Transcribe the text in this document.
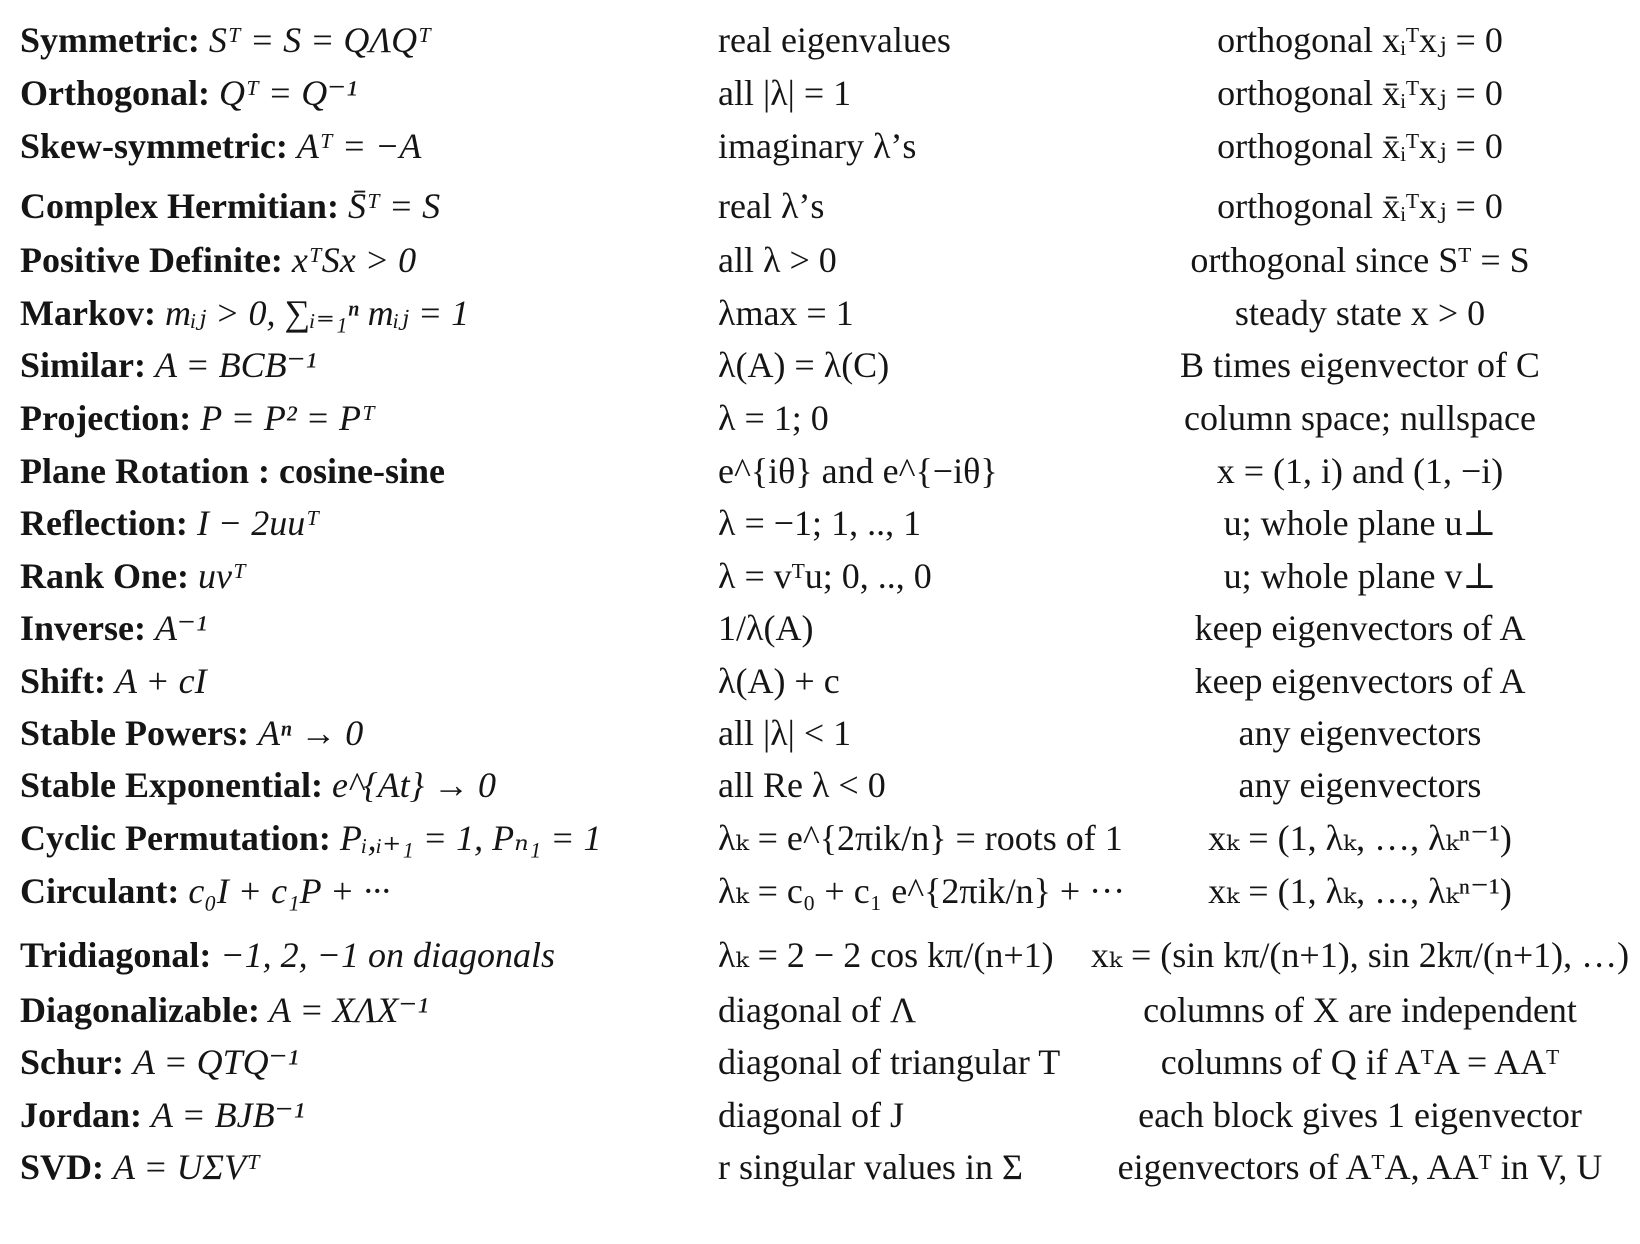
Symmetric: Sᵀ = S = QΛQᵀ	real eigenvalues	orthogonal xᵢᵀxⱼ = 0
Orthogonal: Qᵀ = Q⁻¹	all |λ| = 1	orthogonal x̄ᵢᵀxⱼ = 0
Skew-symmetric: Aᵀ = −A	imaginary λ’s	orthogonal x̄ᵢᵀxⱼ = 0
Complex Hermitian: S̄ᵀ = S	real λ’s	orthogonal x̄ᵢᵀxⱼ = 0
Positive Definite: xᵀSx > 0	all λ > 0	orthogonal since Sᵀ = S
Markov: mᵢⱼ > 0, ∑ᵢ₌₁ⁿ mᵢⱼ = 1	λmax = 1	steady state x > 0
Similar: A = BCB⁻¹	λ(A) = λ(C)	B times eigenvector of C
Projection: P = P² = Pᵀ	λ = 1; 0	column space; nullspace
Plane Rotation : cosine-sine	e^{iθ} and e^{−iθ}	x = (1, i) and (1, −i)
Reflection: I − 2uuᵀ	λ = −1; 1, .., 1	u; whole plane u⊥
Rank One: uvᵀ	λ = vᵀu; 0, .., 0	u; whole plane v⊥
Inverse: A⁻¹	1/λ(A)	keep eigenvectors of A
Shift: A + cI	λ(A) + c	keep eigenvectors of A
Stable Powers: Aⁿ → 0	all |λ| < 1	any eigenvectors
Stable Exponential: e^{At} → 0	all Re λ < 0	any eigenvectors
Cyclic Permutation: Pᵢ,ᵢ₊₁ = 1, Pₙ₁ = 1	λₖ = e^{2πik/n} = roots of 1	xₖ = (1, λₖ, …, λₖⁿ⁻¹)
Circulant: c₀I + c₁P + ···	λₖ = c₀ + c₁ e^{2πik/n} + ···	xₖ = (1, λₖ, …, λₖⁿ⁻¹)
Tridiagonal: −1, 2, −1 on diagonals	λₖ = 2 − 2 cos kπ/(n+1)	xₖ = (sin kπ/(n+1), sin 2kπ/(n+1), …)
Diagonalizable: A = XΛX⁻¹	diagonal of Λ	columns of X are independent
Schur: A = QTQ⁻¹	diagonal of triangular T	columns of Q if AᵀA = AAᵀ
Jordan: A = BJB⁻¹	diagonal of J	each block gives 1 eigenvector
SVD: A = UΣVᵀ	r singular values in Σ	eigenvectors of AᵀA, AAᵀ in V, U
